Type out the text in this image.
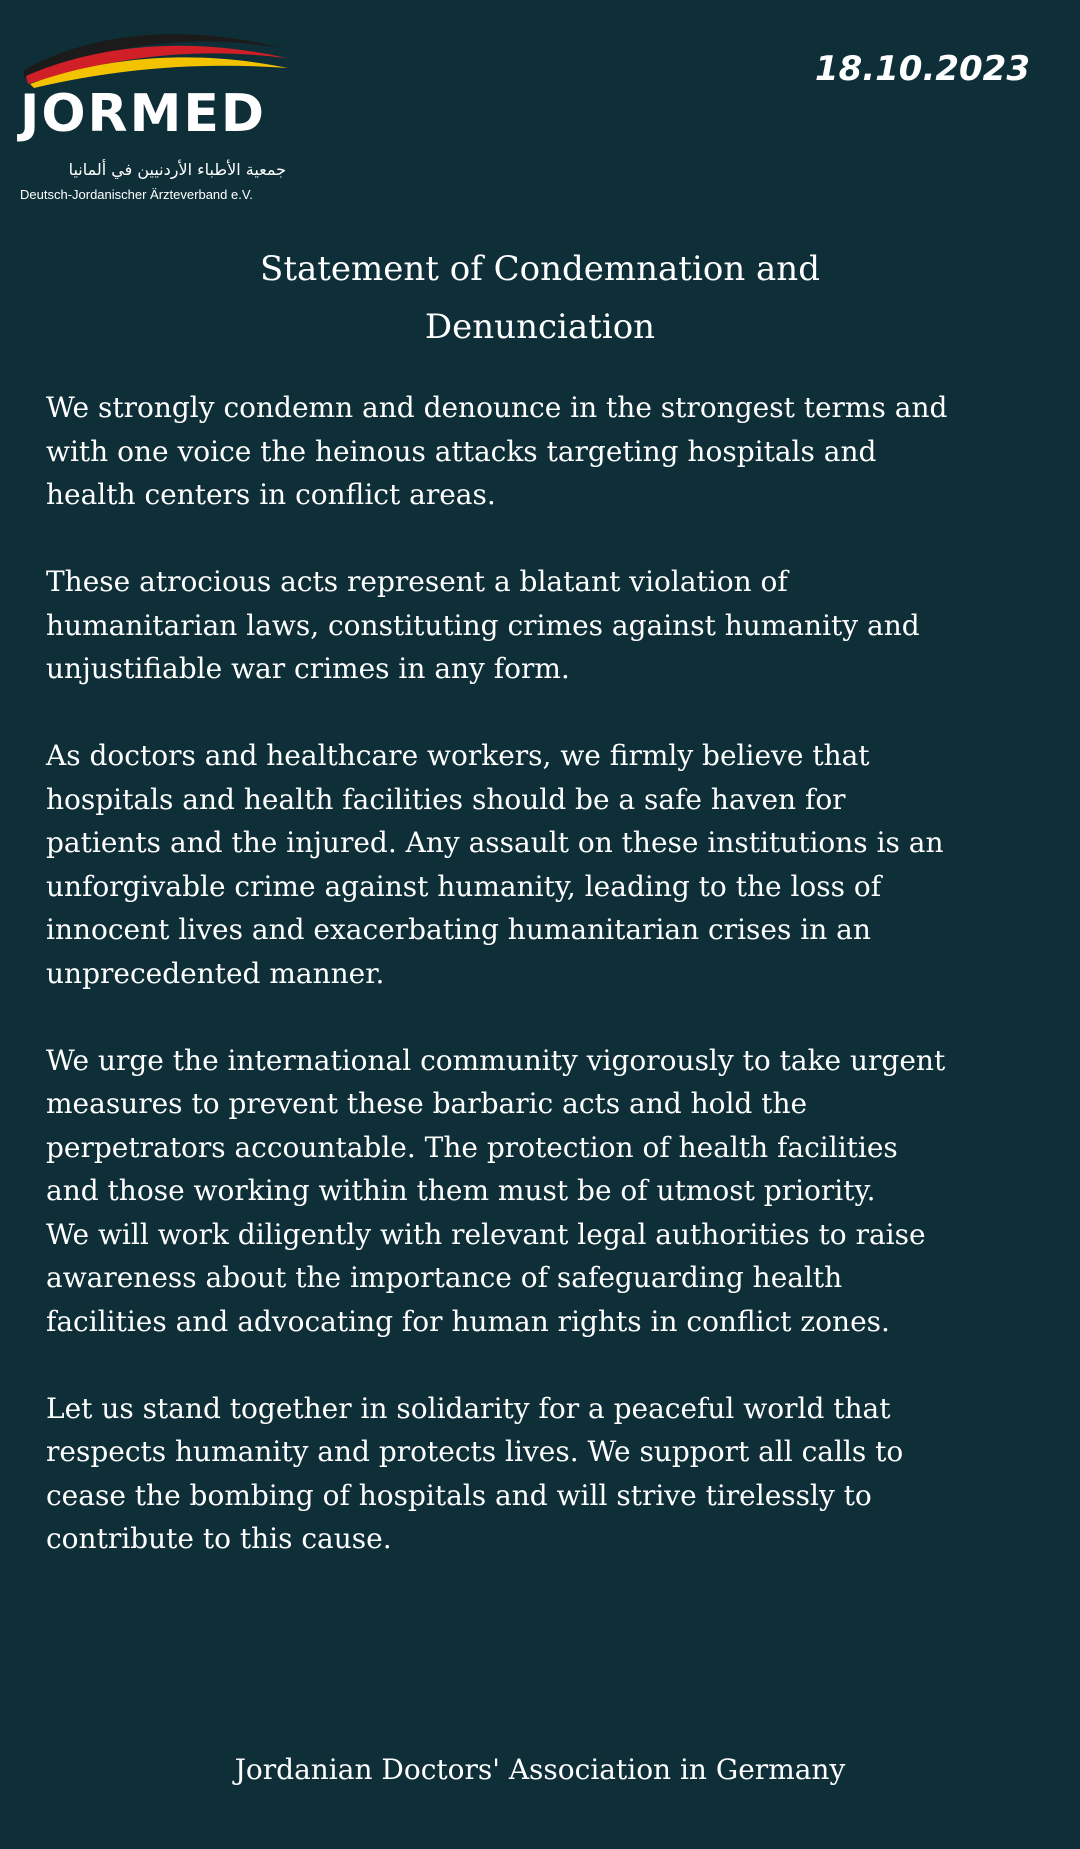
JORMED
جمعية الأطباء الأردنيين في ألمانيا
Deutsch-Jordanischer Ärzteverband e.V.
18.10.2023
Statement of Condemnation and
Denunciation

We strongly condemn and denounce in the strongest terms and
with one voice the heinous attacks targeting hospitals and
health centers in conflict areas.

These atrocious acts represent a blatant violation of
humanitarian laws, constituting crimes against humanity and
unjustifiable war crimes in any form.

As doctors and healthcare workers, we firmly believe that
hospitals and health facilities should be a safe haven for
patients and the injured. Any assault on these institutions is an
unforgivable crime against humanity, leading to the loss of
innocent lives and exacerbating humanitarian crises in an
unprecedented manner.

We urge the international community vigorously to take urgent
measures to prevent these barbaric acts and hold the
perpetrators accountable. The protection of health facilities
and those working within them must be of utmost priority.
We will work diligently with relevant legal authorities to raise
awareness about the importance of safeguarding health
facilities and advocating for human rights in conflict zones.

Let us stand together in solidarity for a peaceful world that
respects humanity and protects lives. We support all calls to
cease the bombing of hospitals and will strive tirelessly to
contribute to this cause.

Jordanian Doctors' Association in Germany
